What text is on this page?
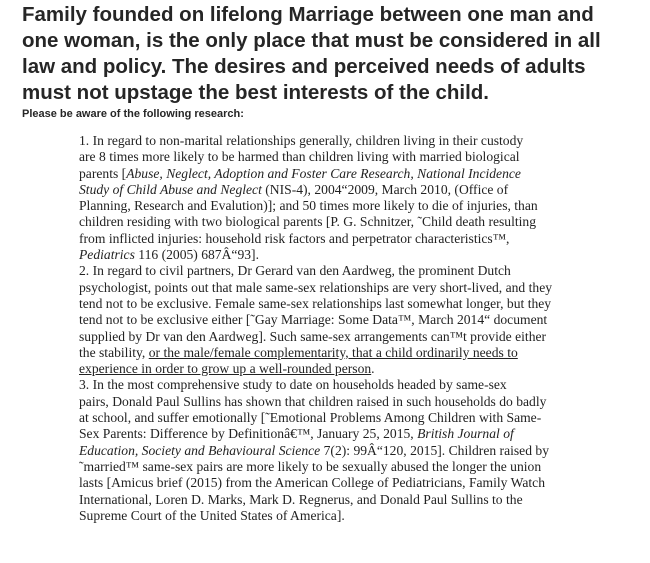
Family founded on lifelong Marriage between one man and
one woman, is the only place that must be considered in all
law and policy. The desires and perceived needs of adults
must not upstage the best interests of the child.
Please be aware of the following research:
1. In regard to non-marital relationships generally, children living in their custody
are 8 times more likely to be harmed than children living with married biological
parents [Abuse, Neglect, Adoption and Foster Care Research, National Incidence
Study of Child Abuse and Neglect (NIS-4), 2004“2009, March 2010, (Office of
Planning, Research and Evalution)]; and 50 times more likely to die of injuries, than
children residing with two biological parents [P. G. Schnitzer, ˜Child death resulting
from inflicted injuries: household risk factors and perpetrator characteristics™,
Pediatrics 116 (2005) 687Â“93].
2. In regard to civil partners, Dr Gerard van den Aardweg, the prominent Dutch
psychologist, points out that male same-sex relationships are very short-lived, and they
tend not to be exclusive. Female same-sex relationships last somewhat longer, but they
tend not to be exclusive either [˜Gay Marriage: Some Data™, March 2014“ document
supplied by Dr van den Aardweg]. Such same-sex arrangements can™t provide either
the stability, or the male/female complementarity, that a child ordinarily needs to
experience in order to grow up a well-rounded person.
3. In the most comprehensive study to date on households headed by same-sex
pairs, Donald Paul Sullins has shown that children raised in such households do badly
at school, and suffer emotionally [˜Emotional Problems Among Children with Same-
Sex Parents: Difference by Definitionâ€™, January 25, 2015, British Journal of
Education, Society and Behavioural Science 7(2): 99Â“120, 2015]. Children raised by
˜married™ same-sex pairs are more likely to be sexually abused the longer the union
lasts [Amicus brief (2015) from the American College of Pediatricians, Family Watch
International, Loren D. Marks, Mark D. Regnerus, and Donald Paul Sullins to the
Supreme Court of the United States of America].
